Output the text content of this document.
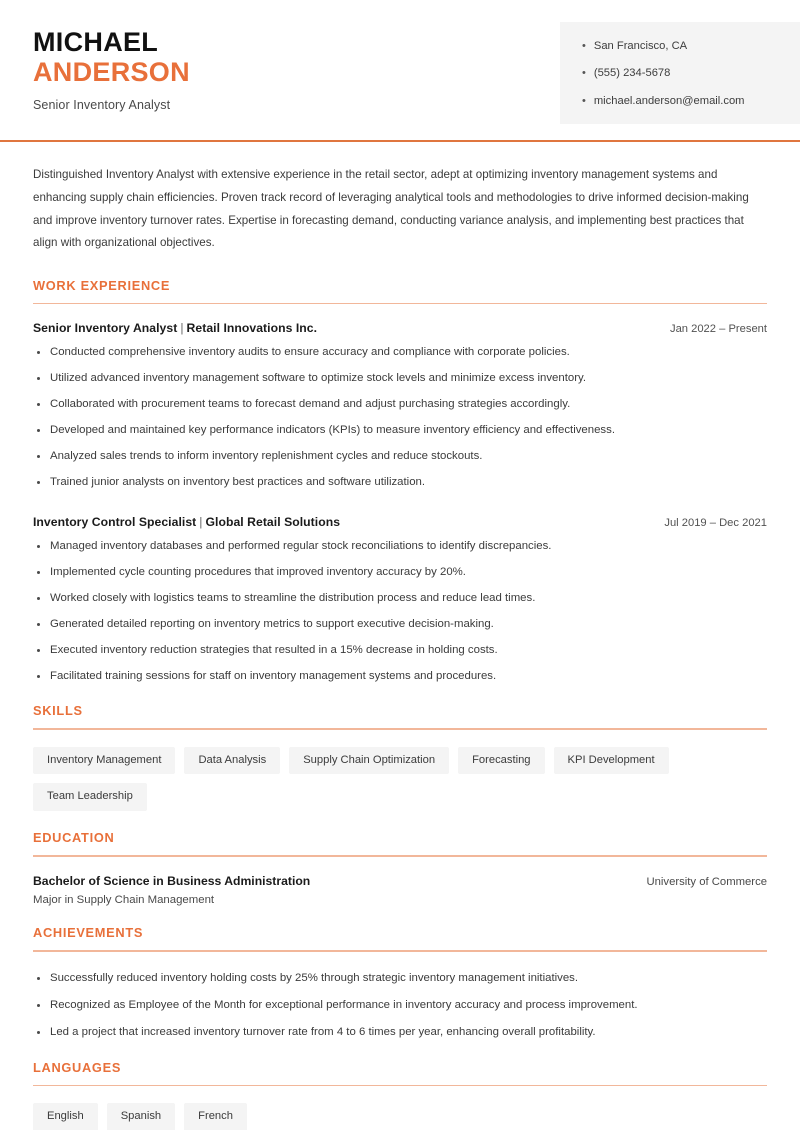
MICHAEL
ANDERSON
Senior Inventory Analyst
• San Francisco, CA
• (555) 234-5678
• michael.anderson@email.com
Distinguished Inventory Analyst with extensive experience in the retail sector, adept at optimizing inventory management systems and enhancing supply chain efficiencies. Proven track record of leveraging analytical tools and methodologies to drive informed decision-making and improve inventory turnover rates. Expertise in forecasting demand, conducting variance analysis, and implementing best practices that align with organizational objectives.
WORK EXPERIENCE
Senior Inventory Analyst | Retail Innovations Inc.	Jan 2022 – Present
Conducted comprehensive inventory audits to ensure accuracy and compliance with corporate policies.
Utilized advanced inventory management software to optimize stock levels and minimize excess inventory.
Collaborated with procurement teams to forecast demand and adjust purchasing strategies accordingly.
Developed and maintained key performance indicators (KPIs) to measure inventory efficiency and effectiveness.
Analyzed sales trends to inform inventory replenishment cycles and reduce stockouts.
Trained junior analysts on inventory best practices and software utilization.
Inventory Control Specialist | Global Retail Solutions	Jul 2019 – Dec 2021
Managed inventory databases and performed regular stock reconciliations to identify discrepancies.
Implemented cycle counting procedures that improved inventory accuracy by 20%.
Worked closely with logistics teams to streamline the distribution process and reduce lead times.
Generated detailed reporting on inventory metrics to support executive decision-making.
Executed inventory reduction strategies that resulted in a 15% decrease in holding costs.
Facilitated training sessions for staff on inventory management systems and procedures.
SKILLS
Inventory Management	Data Analysis	Supply Chain Optimization	Forecasting	KPI Development
Team Leadership
EDUCATION
Bachelor of Science in Business Administration	University of Commerce
Major in Supply Chain Management
ACHIEVEMENTS
Successfully reduced inventory holding costs by 25% through strategic inventory management initiatives.
Recognized as Employee of the Month for exceptional performance in inventory accuracy and process improvement.
Led a project that increased inventory turnover rate from 4 to 6 times per year, enhancing overall profitability.
LANGUAGES
English	Spanish	French
